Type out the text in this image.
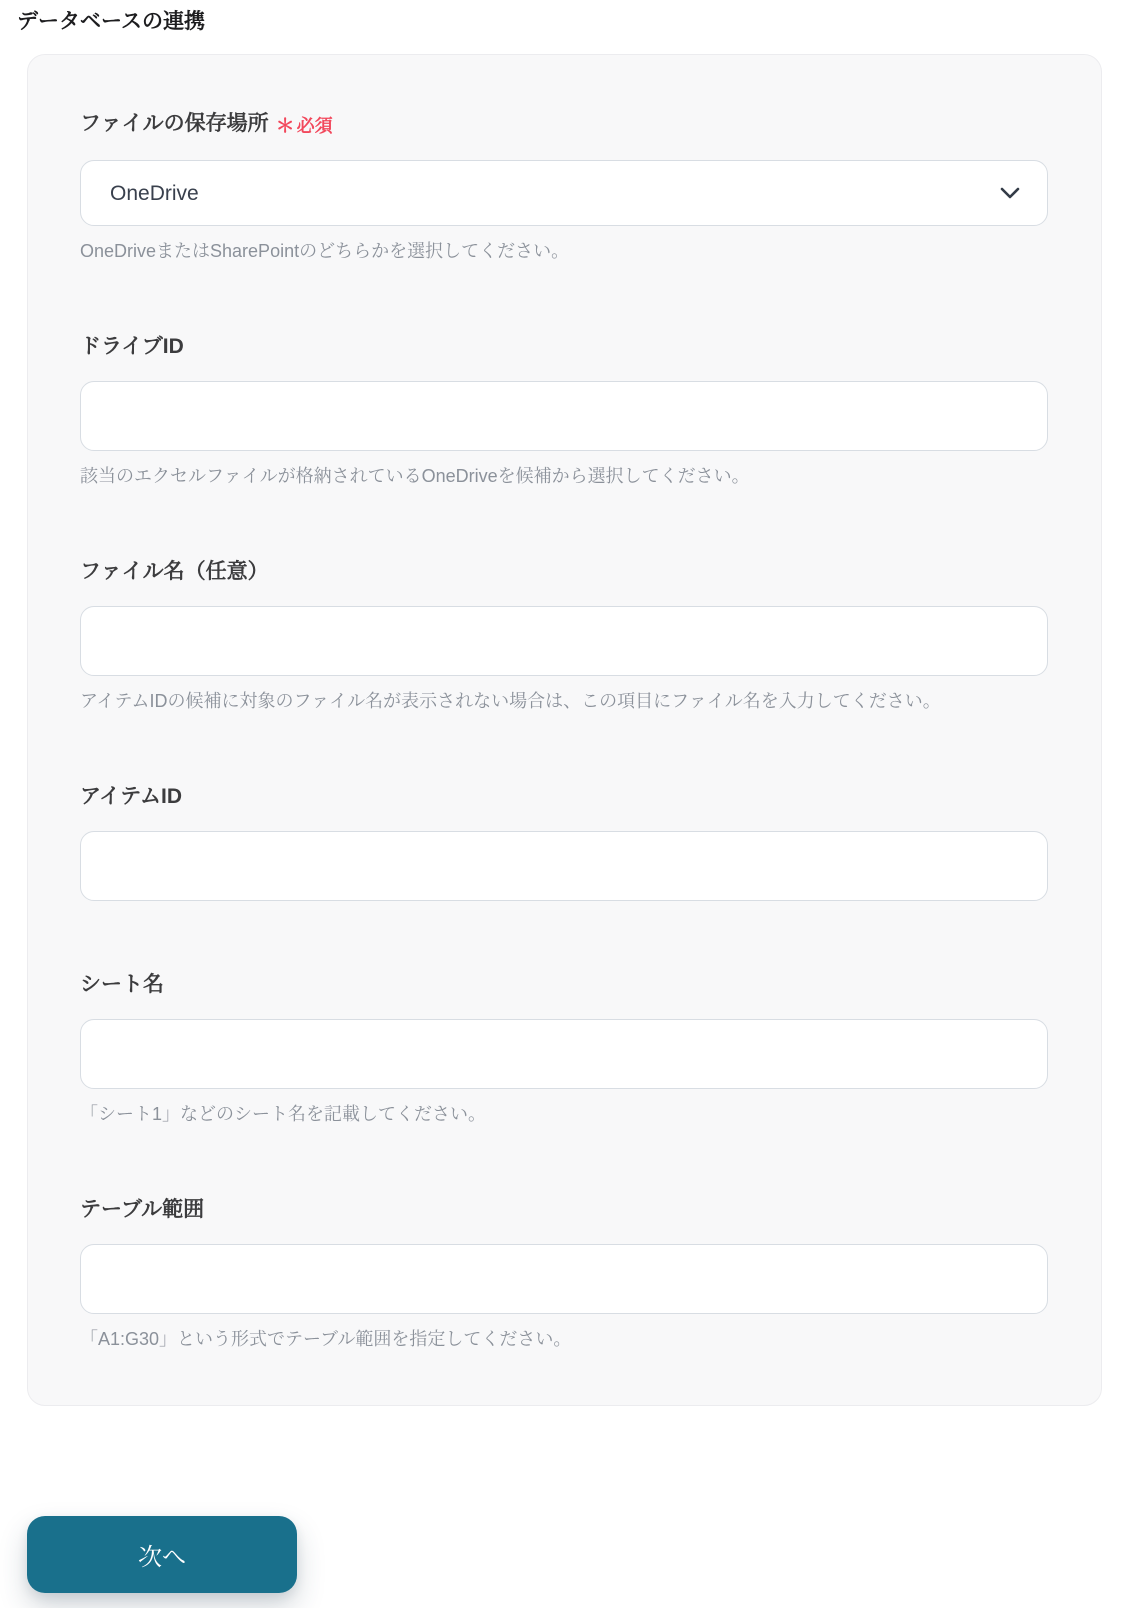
データベースの連携
ファイルの保存場所 ＊ 必須
OneDrive
OneDriveまたはSharePointのどちらかを選択してください。
ドライブID
該当のエクセルファイルが格納されているOneDriveを候補から選択してください。
ファイル名（任意）
アイテムIDの候補に対象のファイル名が表示されない場合は、この項目にファイル名を入力してください。
アイテムID
シート名
「シート1」などのシート名を記載してください。
テーブル範囲
「A1:G30」という形式でテーブル範囲を指定してください。
次へ
